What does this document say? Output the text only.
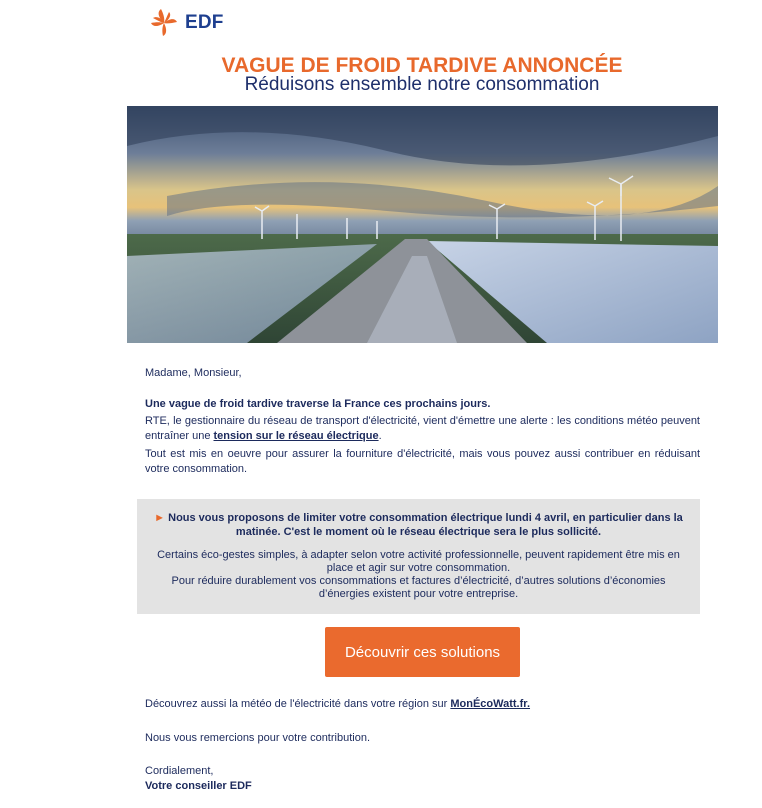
EDF
VAGUE DE FROID TARDIVE ANNONCÉE
Réduisons ensemble notre consommation
Madame, Monsieur,
Une vague de froid tardive traverse la France ces prochains jours.
RTE, le gestionnaire du réseau de transport d'électricité, vient d'émettre une alerte : les conditions météo peuvent entraîner une tension sur le réseau électrique.
Tout est mis en oeuvre pour assurer la fourniture d'électricité, mais vous pouvez aussi contribuer en réduisant votre consommation.
► Nous vous proposons de limiter votre consommation électrique lundi 4 avril, en particulier dans la matinée. C'est le moment où le réseau électrique sera le plus sollicité.
Certains éco-gestes simples, à adapter selon votre activité professionnelle, peuvent rapidement être mis en place et agir sur votre consommation.
Pour réduire durablement vos consommations et factures d’électricité, d’autres solutions d’économies d’énergies existent pour votre entreprise.
Découvrir ces solutions
Découvrez aussi la météo de l'électricité dans votre région sur MonÉcoWatt.fr.
Nous vous remercions pour votre contribution.
Cordialement,
Votre conseiller EDF
